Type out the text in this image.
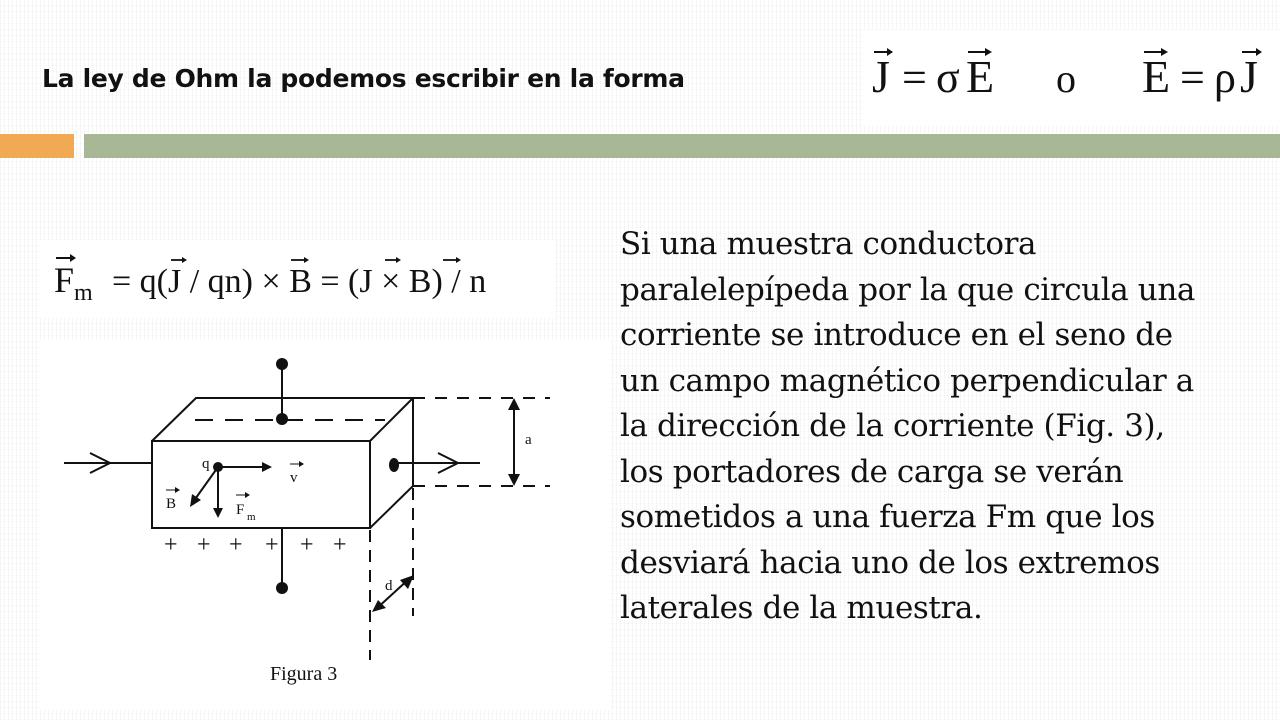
La ley de Ohm la podemos escribir en la forma	J = σ E o E = ρ J
F m = q(J / qn) × B = (J × B) / n
+ + + + + +
q
v
B	F m
a
d
Figura 3

Si una muestra conductora
paralelepípeda por la que circula una
corriente se introduce en el seno de
un campo magnético perpendicular a
la dirección de la corriente (Fig. 3),
los portadores de carga se verán
sometidos a una fuerza Fm que los
desviará hacia uno de los extremos
laterales de la muestra.
